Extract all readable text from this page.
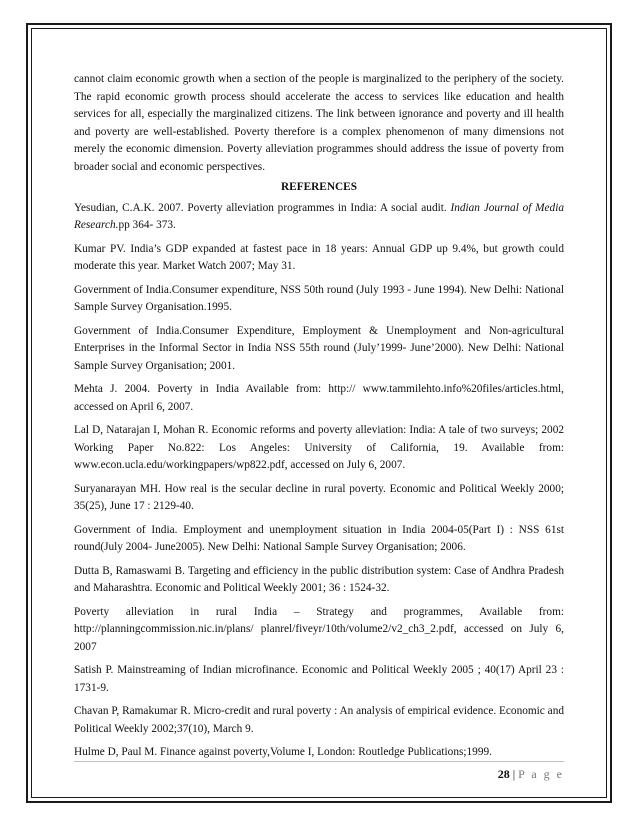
cannot claim economic growth when a section of the people is marginalized to the periphery of the society. The rapid economic growth process should accelerate the access to services like education and health services for all, especially the marginalized citizens. The link between ignorance and poverty and ill health and poverty are well-established. Poverty therefore is a complex phenomenon of many dimensions not merely the economic dimension. Poverty alleviation programmes should address the issue of poverty from broader social and economic perspectives.

REFERENCES
Yesudian, C.A.K. 2007. Poverty alleviation programmes in India: A social audit. Indian Journal of Media Research.pp 364- 373.
Kumar PV. India’s GDP expanded at fastest pace in 18 years: Annual GDP up 9.4%, but growth could moderate this year. Market Watch 2007; May 31.
Government of India.Consumer expenditure, NSS 50th round (July 1993 - June 1994). New Delhi: National Sample Survey Organisation.1995.
Government of India.Consumer Expenditure, Employment & Unemployment and Non-agricultural Enterprises in the Informal Sector in India NSS 55th round (July’1999- June’2000). New Delhi: National Sample Survey Organisation; 2001.
Mehta J. 2004. Poverty in India Available from: http:// www.tammilehto.info%20files/articles.html, accessed on April 6, 2007.
Lal D, Natarajan I, Mohan R. Economic reforms and poverty alleviation: India: A tale of two surveys; 2002 Working Paper No.822: Los Angeles: University of California, 19. Available from: www.econ.ucla.edu/workingpapers/wp822.pdf, accessed on July 6, 2007.
Suryanarayan MH. How real is the secular decline in rural poverty. Economic and Political Weekly 2000; 35(25), June 17 : 2129-40.
Government of India. Employment and unemployment situation in India 2004-05(Part I) : NSS 61st round(July 2004- June2005). New Delhi: National Sample Survey Organisation; 2006.
Dutta B, Ramaswami B. Targeting and efficiency in the public distribution system: Case of Andhra Pradesh and Maharashtra. Economic and Political Weekly 2001; 36 : 1524-32.
Poverty alleviation in rural India – Strategy and programmes, Available from: http://planningcommission.nic.in/plans/ planrel/fiveyr/10th/volume2/v2_ch3_2.pdf, accessed on July 6, 2007
Satish P. Mainstreaming of Indian microfinance. Economic and Political Weekly 2005 ; 40(17) April 23 : 1731-9.
Chavan P, Ramakumar R. Micro-credit and rural poverty : An analysis of empirical evidence. Economic and Political Weekly 2002;37(10), March 9.
Hulme D, Paul M. Finance against poverty,Volume I, London: Routledge Publications;1999.
28 | P a g e
